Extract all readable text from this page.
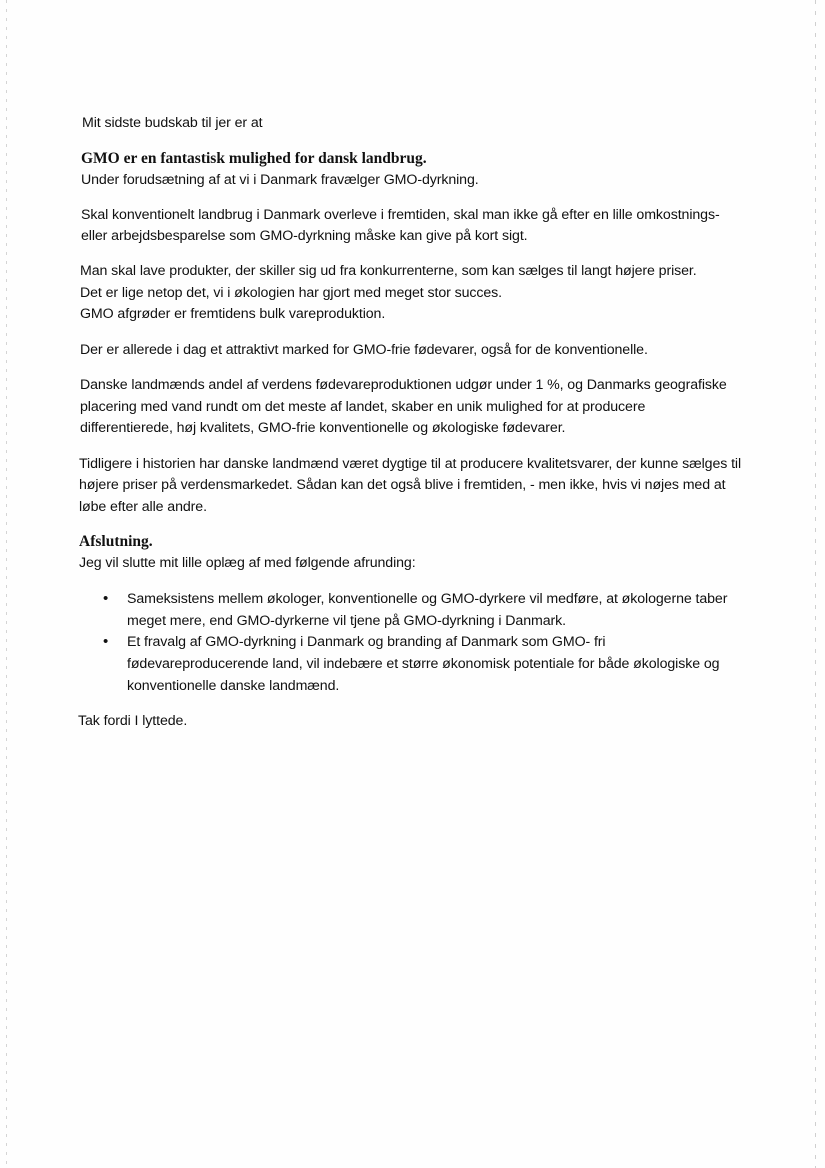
Mit sidste budskab til jer er at
GMO er en fantastisk mulighed for dansk landbrug.
Under forudsætning af at vi i Danmark fravælger GMO-dyrkning.
Skal konventionelt landbrug i Danmark overleve i fremtiden, skal man ikke gå efter en lille omkostnings-
eller arbejdsbesparelse som GMO-dyrkning måske kan give på kort sigt.
Man skal lave produkter, der skiller sig ud fra konkurrenterne, som kan sælges til langt højere priser.
Det er lige netop det, vi i økologien har gjort med meget stor succes.
GMO afgrøder er fremtidens bulk vareproduktion.
Der er allerede i dag et attraktivt marked for GMO-frie fødevarer, også for de konventionelle.
Danske landmænds andel af verdens fødevareproduktionen udgør under 1 %, og Danmarks geografiske
placering med vand rundt om det meste af landet, skaber en unik mulighed for at producere
differentierede, høj kvalitets, GMO-frie konventionelle og økologiske fødevarer.
Tidligere i historien har danske landmænd været dygtige til at producere kvalitetsvarer, der kunne sælges til
højere priser på verdensmarkedet. Sådan kan det også blive i fremtiden, - men ikke, hvis vi nøjes med at
løbe efter alle andre.
Afslutning.
Jeg vil slutte mit lille oplæg af med følgende afrunding:
• Sameksistens mellem økologer, konventionelle og GMO-dyrkere vil medføre, at økologerne taber
meget mere, end GMO-dyrkerne vil tjene på GMO-dyrkning i Danmark.
• Et fravalg af GMO-dyrkning i Danmark og branding af Danmark som GMO- fri
fødevareproducerende land, vil indebære et større økonomisk potentiale for både økologiske og
konventionelle danske landmænd.
Tak fordi I lyttede.
